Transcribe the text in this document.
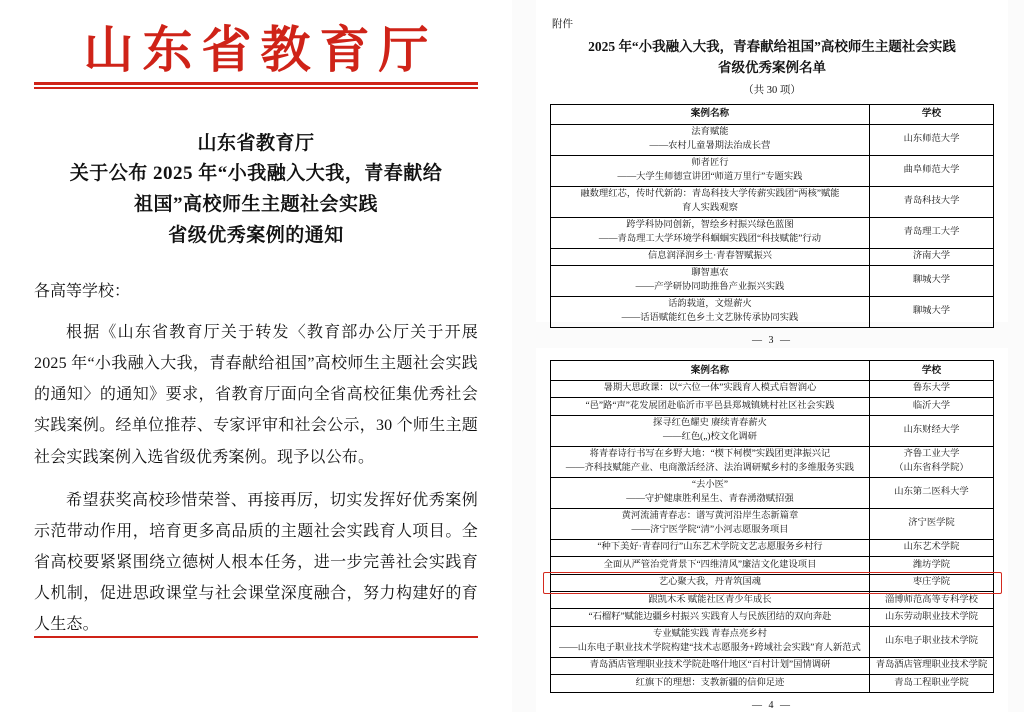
山东省教育厅
山东省教育厅
关于公布 2025 年“小我融入大我，青春献给
祖国”高校师生主题社会实践
省级优秀案例的通知
各高等学校：
根据《山东省教育厅关于转发〈教育部办公厅关于开展 2025 年“小我融入大我，青春献给祖国”高校师生主题社会实践的通知〉的通知》要求，省教育厅面向全省高校征集优秀社会实践案例。经单位推荐、专家评审和社会公示，30 个师生主题社会实践案例入选省级优秀案例。现予以公布。
希望获奖高校珍惜荣誉、再接再厉，切实发挥好优秀案例示范带动作用，培育更多高品质的主题社会实践育人项目。全省高校要紧紧围绕立德树人根本任务，进一步完善社会实践育人机制，促进思政课堂与社会课堂深度融合，努力构建好的育人生态。
附件
2025 年“小我融入大我，青春献给祖国”高校师生主题社会实践
省级优秀案例名单
（共 30 项）
案例名称	学校
法育赋能
——农村儿童暑期法治成长营	山东师范大学

师者匠行
——大学生师德宣讲团“师道万里行”专题实践	曲阜师范大学

融数理红芯，传时代新韵：青岛科技大学传薪实践团“两核”赋能
育人实践观察	青岛科技大学

跨学科协同创新，智绘乡村振兴绿色蓝图
——青岛理工大学环境学科蝈蝈实践团“科技赋能”行动	青岛理工大学

信息润泽润乡土·青春智赋振兴	济南大学

聊智惠农
——产学研协同助推鲁产业振兴实践	聊城大学

话韵载道，文煜薪火
——话语赋能红色乡土文艺脉传承协同实践	聊城大学
— 3 —
案例名称	学校
暑期大思政课：以“六位一体”实践育人模式启智润心	鲁东大学

“邑”路“声”花发展团赴临沂市平邑县郑城镇姚村社区社会实践	临沂大学

探寻红色耀史 赓续青春薪火
——红色(„)校文化调研	山东财经大学

将青春诗行书写在乡野大地：“楔下柯楔”实践团更津振兴记
——齐科技赋能产业、电商激活经济、法治调研赋乡村的多维服务实践	齐鲁工业大学
（山东省科学院）

“去小医”
——守护健康胜利星生、青春湧渤赋招强	山东第二医科大学

黄河流浦青春志：谱写黄河沿岸生态新篇章
——济宁医学院“清”小河志愿服务项目	济宁医学院

“种下美好·青春同行”山东艺术学院文艺志愿服务乡村行	山东艺术学院

全面从严管治党背景下“四维清风”廉洁文化建设项目	潍坊学院

艺心聚大我，丹青筑国魂	枣庄学院

跟凯木禾 赋能社区青少年成长	淄博师范高等专科学校

“石榴籽”赋能边疆乡村振兴 实践育人与民族团结的双向奔赴	山东劳动职业技术学院

专业赋能实践 青春点亮乡村
——山东电子职业技术学院构建“技术志愿服务+跨域社会实践”育人新范式	山东电子职业技术学院

青岛酒店管理职业技术学院赴喀什地区“百村计划”国情调研	青岛酒店管理职业技术学院

红旗下的理想：支教新疆的信仰足迹	青岛工程职业学院
— 4 —
